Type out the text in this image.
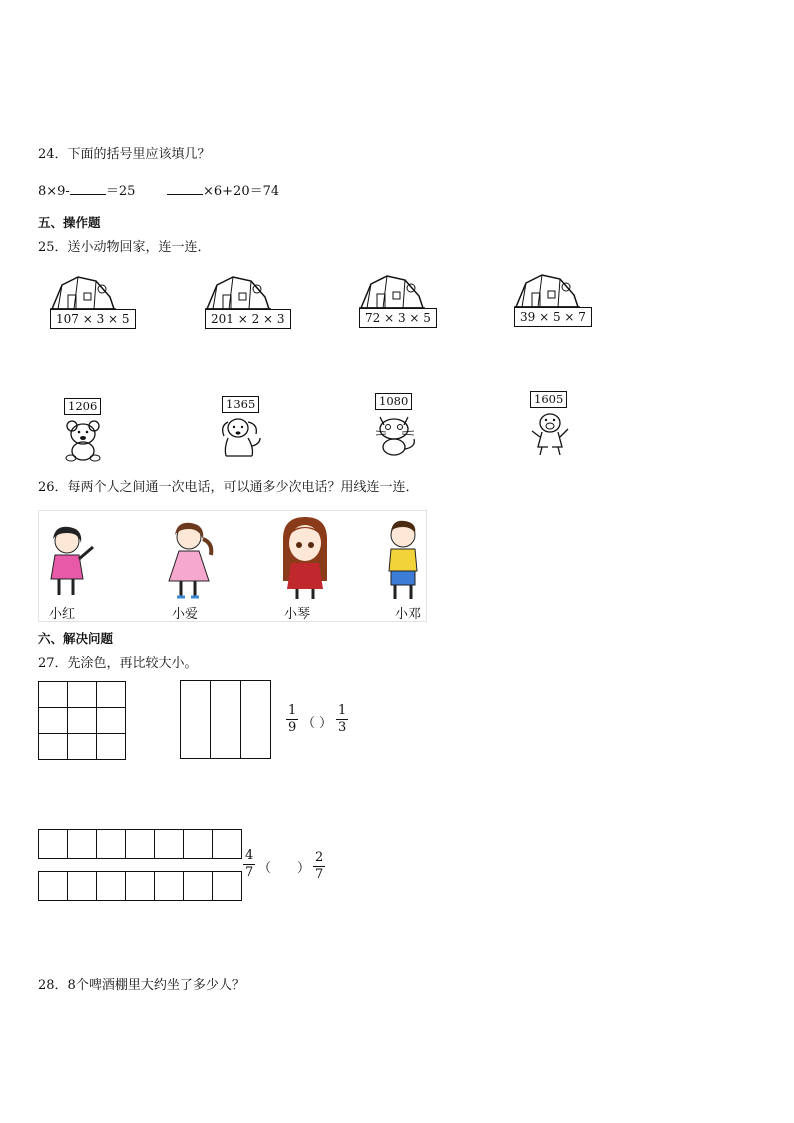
24．下面的括号里应该填几？
8×9-	＝25	×6+20＝74
五、操作题
25．送小动物回家，连一连．
107 × 3 × 5	201 × 2 × 3	72 × 3 × 5	39 × 5 × 7
1206	1365	1080	1605
26．每两个人之间通一次电话，可以通多少次电话？用线连一连．
小红	小爱	小琴	小邓
六、解决问题
27．先涂色，再比较大小。

$\frac{1}{9}$ （ ） $\frac{1}{3}$

$\frac{4}{7}$ （　　） $\frac{2}{7}$
28．8个啤酒棚里大约坐了多少人？
